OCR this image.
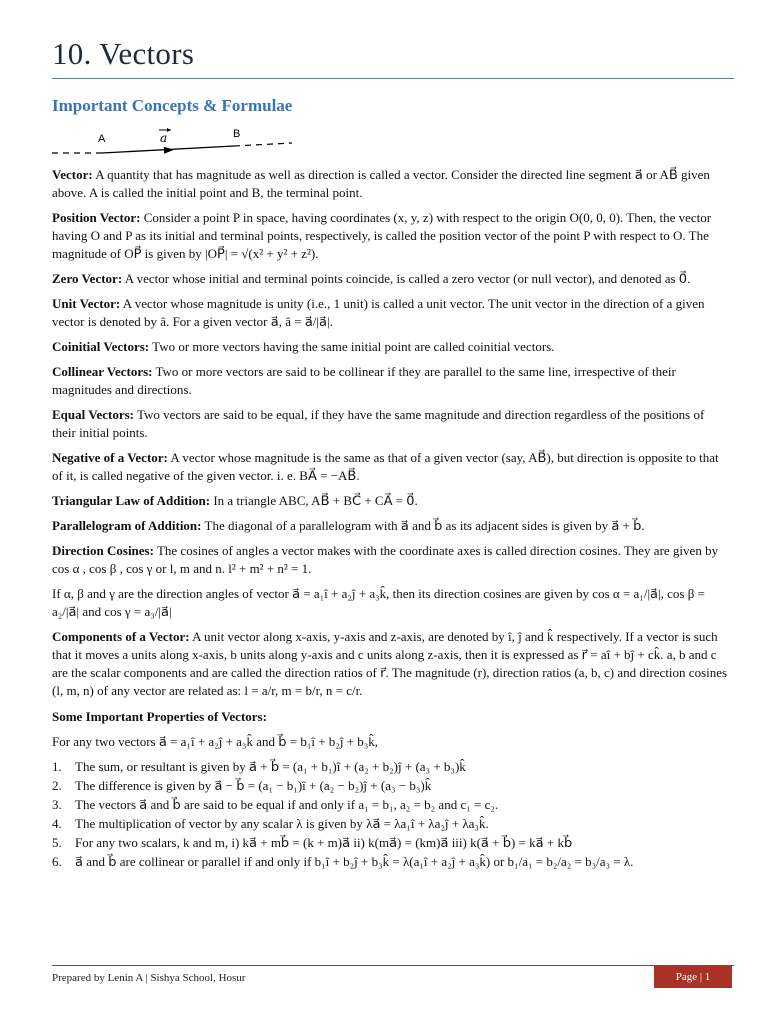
10. Vectors
Important Concepts & Formulae
A	a	B

Vector: A quantity that has magnitude as well as direction is called a vector. Consider the directed line segment a⃗ or AB⃗ given above. A is called the initial point and B, the terminal point.

Position Vector: Consider a point P in space, having coordinates (x, y, z) with respect to the origin O(0, 0, 0). Then, the vector having O and P as its initial and terminal points, respectively, is called the position vector of the point P with respect to O. The magnitude of OP⃗ is given by |OP⃗| = √(x² + y² + z²).

Zero Vector: A vector whose initial and terminal points coincide, is called a zero vector (or null vector), and denoted as 0⃗.

Unit Vector: A vector whose magnitude is unity (i.e., 1 unit) is called a unit vector. The unit vector in the direction of a given vector is denoted by â. For a given vector a⃗, â = a⃗/|a⃗|.

Coinitial Vectors: Two or more vectors having the same initial point are called coinitial vectors.

Collinear Vectors: Two or more vectors are said to be collinear if they are parallel to the same line, irrespective of their magnitudes and directions.

Equal Vectors: Two vectors are said to be equal, if they have the same magnitude and direction regardless of the positions of their initial points.

Negative of a Vector: A vector whose magnitude is the same as that of a given vector (say, AB⃗), but direction is opposite to that of it, is called negative of the given vector. i. e. BA⃗ = −AB⃗.

Triangular Law of Addition: In a triangle ABC, AB⃗ + BC⃗ + CA⃗ = 0⃗.

Parallelogram of Addition: The diagonal of a parallelogram with a⃗ and b⃗ as its adjacent sides is given by a⃗ + b⃗.

Direction Cosines: The cosines of angles a vector makes with the coordinate axes is called direction cosines. They are given by cos α , cos β , cos γ or l, m and n. l² + m² + n² = 1.

If α, β and γ are the direction angles of vector a⃗ = a₁î + a₂ĵ + a₃k̂, then its direction cosines are given by cos α = a₁/|a⃗|, cos β = a₂/|a⃗| and cos γ = a₃/|a⃗|

Components of a Vector: A unit vector along x-axis, y-axis and z-axis, are denoted by î, ĵ and k̂ respectively. If a vector is such that it moves a units along x-axis, b units along y-axis and c units along z-axis, then it is expressed as r⃗ = aî + bĵ + ck̂. a, b and c are the scalar components and are called the direction ratios of r⃗. The magnitude (r), direction ratios (a, b, c) and direction cosines (l, m, n) of any vector are related as: l = a/r, m = b/r, n = c/r.

Some Important Properties of Vectors:

For any two vectors a⃗ = a₁î + a₂ĵ + a₃k̂ and b⃗ = b₁î + b₂ĵ + b₃k̂,

1. The sum, or resultant is given by a⃗ + b⃗ = (a₁ + b₁)î + (a₂ + b₂)ĵ + (a₃ + b₃)k̂
2. The difference is given by a⃗ − b⃗ = (a₁ − b₁)î + (a₂ − b₂)ĵ + (a₃ − b₃)k̂
3. The vectors a⃗ and b⃗ are said to be equal if and only if a₁ = b₁, a₂ = b₂ and c₁ = c₂.
4. The multiplication of vector by any scalar λ is given by λa⃗ = λa₁î + λa₂ĵ + λa₃k̂.
5. For any two scalars, k and m, i) ka⃗ + mb⃗ = (k + m)a⃗ ii) k(ma⃗) = (km)a⃗ iii) k(a⃗ + b⃗) = ka⃗ + kb⃗
6. a⃗ and b⃗ are collinear or parallel if and only if b₁î + b₂ĵ + b₃k̂ = λ(a₁î + a₂ĵ + a₃k̂) or b₁/a₁ = b₂/a₂ = b₃/a₃ = λ.
Prepared by Lenin A | Sishya School, Hosur	Page | 1
